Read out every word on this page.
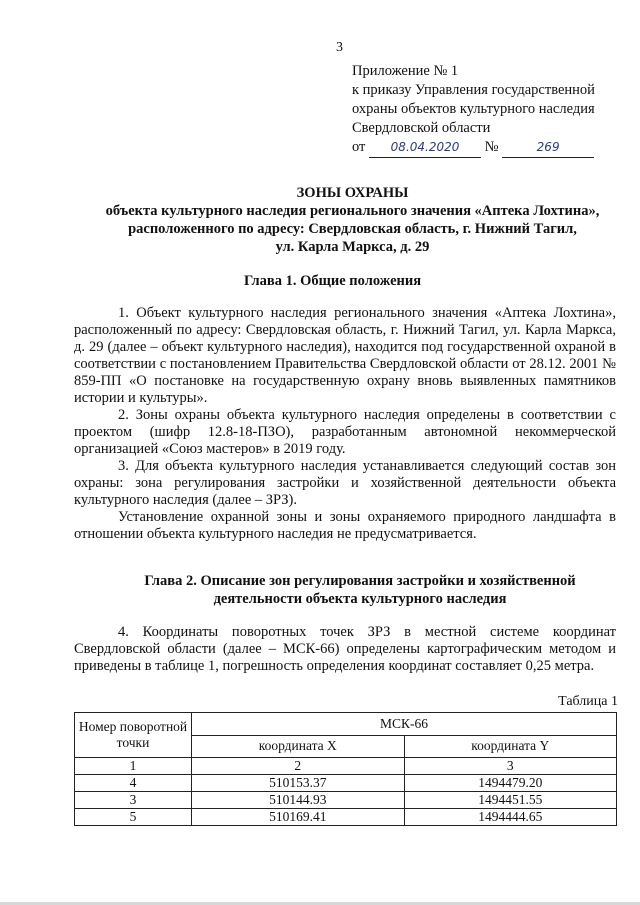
3
Приложение № 1
к приказу Управления государственной
охраны объектов культурного наследия
Свердловской области
от 08.04.2020 №	269
ЗОНЫ ОХРАНЫ
объекта культурного наследия регионального значения «Аптека Лохтина»,
расположенного по адресу: Свердловская область, г. Нижний Тагил,
ул. Карла Маркса, д. 29
Глава 1. Общие положения

1. Объект культурного наследия регионального значения «Аптека Лохтина», расположенный по адресу: Свердловская область, г. Нижний Тагил, ул. Карла Маркса, д. 29 (далее – объект культурного наследия), находится под государственной охраной в соответствии с постановлением Правительства Свердловской области от 28.12. 2001 № 859-ПП «О постановке на государственную охрану вновь выявленных памятников истории и культуры».

2. Зоны охраны объекта культурного наследия определены в соответствии с проектом (шифр 12.8-18-ПЗО), разработанным автономной некоммерческой организацией «Союз мастеров» в 2019 году.

3. Для объекта культурного наследия устанавливается следующий состав зон охраны: зона регулирования застройки и хозяйственной деятельности объекта культурного наследия (далее – ЗРЗ).

Установление охранной зоны и зоны охраняемого природного ландшафта в отношении объекта культурного наследия не предусматривается.

Глава 2. Описание зон регулирования застройки и хозяйственной
деятельности объекта культурного наследия

4. Координаты поворотных точек ЗРЗ в местной системе координат Свердловской области (далее – МСК-66) определены картографическим методом и приведены в таблице 1, погрешность определения координат составляет 0,25 метра.

Таблица 1
Номер поворотной точки	МСК-66	
	координата X	координата Y
1	2	3
4	510153.37	1494479.20
3	510144.93	1494451.55
5	510169.41	1494444.65
